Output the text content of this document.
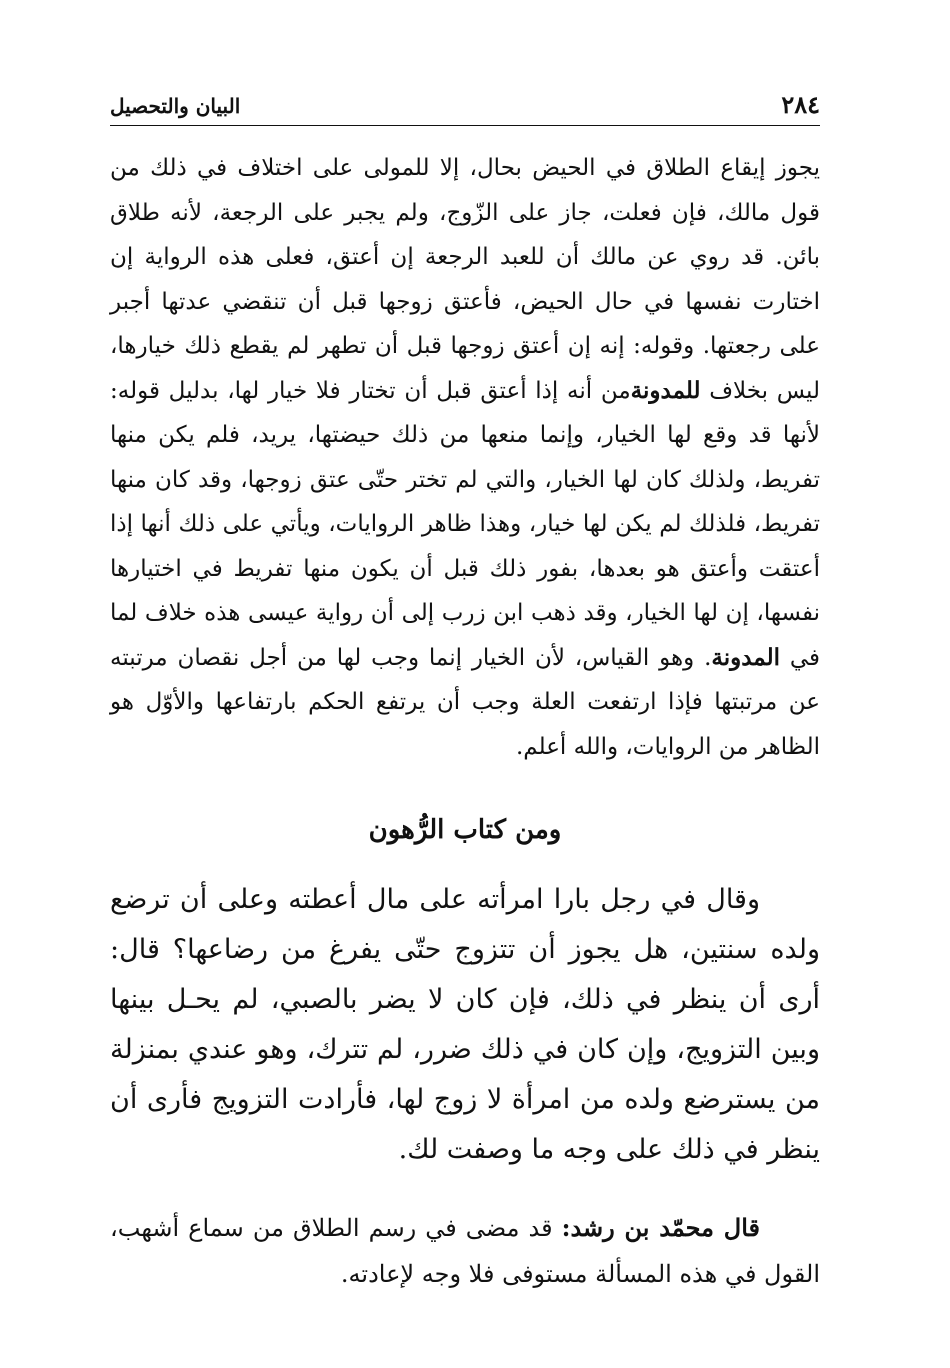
٢٨٤
البيان والتحصيل

يجوز إيقاع الطلاق في الحيض بحال، إلا للمولى على اختلاف في ذلك من قول مالك، فإن فعلت، جاز على الزّوج، ولم يجبر على الرجعة، لأنه طلاق بائن. قد روي عن مالك أن للعبد الرجعة إن أعتق، فعلى هذه الرواية إن اختارت نفسها في حال الحيض، فأعتق زوجها قبل أن تنقضي عدتها أجبر على رجعتها. وقوله: إنه إن أعتق زوجها قبل أن تطهر لم يقطع ذلك خيارها، ليس بخلاف للمدونةمن أنه إذا أعتق قبل أن تختار فلا خيار لها، بدليل قوله: لأنها قد وقع لها الخيار، وإنما منعها من ذلك حيضتها، يريد، فلم يكن منها تفريط، ولذلك كان لها الخيار، والتي لم تختر حتّى عتق زوجها، وقد كان منها تفريط، فلذلك لم يكن لها خيار، وهذا ظاهر الروايات، ويأتي على ذلك أنها إذا أعتقت وأعتق هو بعدها، بفور ذلك قبل أن يكون منها تفريط في اختيارها نفسها، إن لها الخيار، وقد ذهب ابن زرب إلى أن رواية عيسى هذه خلاف لما في المدونة. وهو القياس، لأن الخيار إنما وجب لها من أجل نقصان مرتبته عن مرتبتها فإذا ارتفعت العلة وجب أن يرتفع الحكم بارتفاعها والأوّل هو الظاهر من الروايات، والله أعلم.

ومن كتاب الرُّهون

وقال في رجل بارا امرأته على مال أعطته وعلى أن ترضع ولده سنتين، هل يجوز أن تتزوج حتّى يفرغ من رضاعها؟ قال: أرى أن ينظر في ذلك، فإن كان لا يضر بالصبي، لم يحـل بينها وبين التزويج، وإن كان في ذلك ضرر، لم تترك، وهو عندي بمنزلة من يسترضع ولده من امرأة لا زوج لها، فأرادت التزويج فأرى أن ينظر في ذلك على وجه ما وصفت لك.

قال محمّد بن رشد: قد مضى في رسم الطلاق من سماع أشهب، القول في هذه المسألة مستوفى فلا وجه لإعادته.
